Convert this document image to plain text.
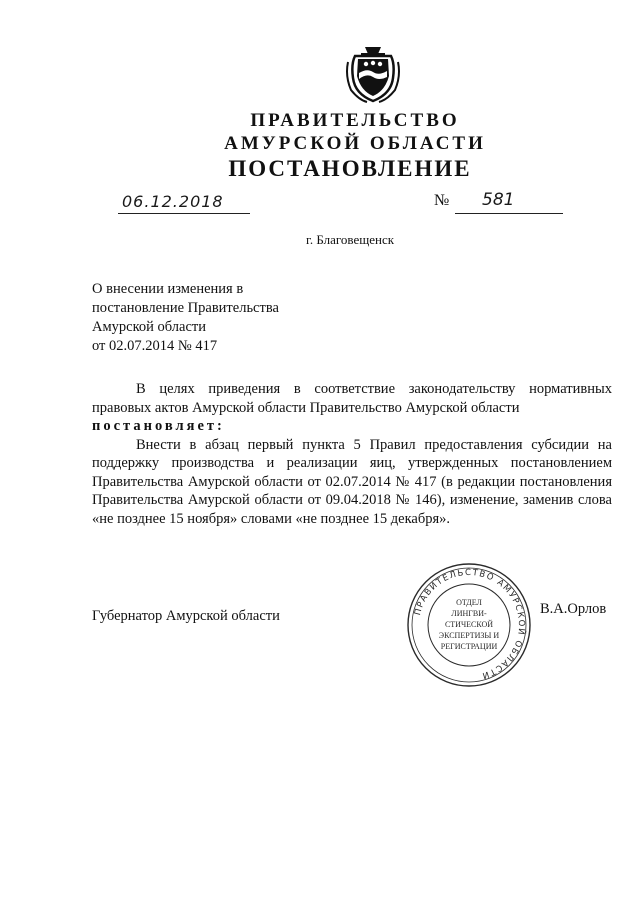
ПРАВИТЕЛЬСТВО
АМУРСКОЙ ОБЛАСТИ
ПОСТАНОВЛЕНИЕ
06.12.2018	№ 581
г. Благовещенск
О внесении изменения в
постановление Правительства
Амурской области
от 02.07.2014 № 417

В целях приведения в соответствие законодательству нормативных правовых актов Амурской области Правительство Амурской области

постановляет:

Внести в абзац первый пункта 5 Правил предоставления субсидии на поддержку производства и реализации яиц, утвержденных постановлением Правительства Амурской области от 02.07.2014 № 417 (в редакции постановления Правительства Амурской области от 09.04.2018 № 146), изменение, заменив слова «не позднее 15 ноября» словами «не позднее 15 декабря».

Губернатор Амурской области	В.А.Орлов
ПРАВИТЕЛЬСТВО АМУРСКОЙ ОБЛАСТИ
ОТДЕЛ
ЛИНГВИ-
СТИЧЕСКОЙ
ЭКСПЕРТИЗЫ И
РЕГИСТРАЦИИ
